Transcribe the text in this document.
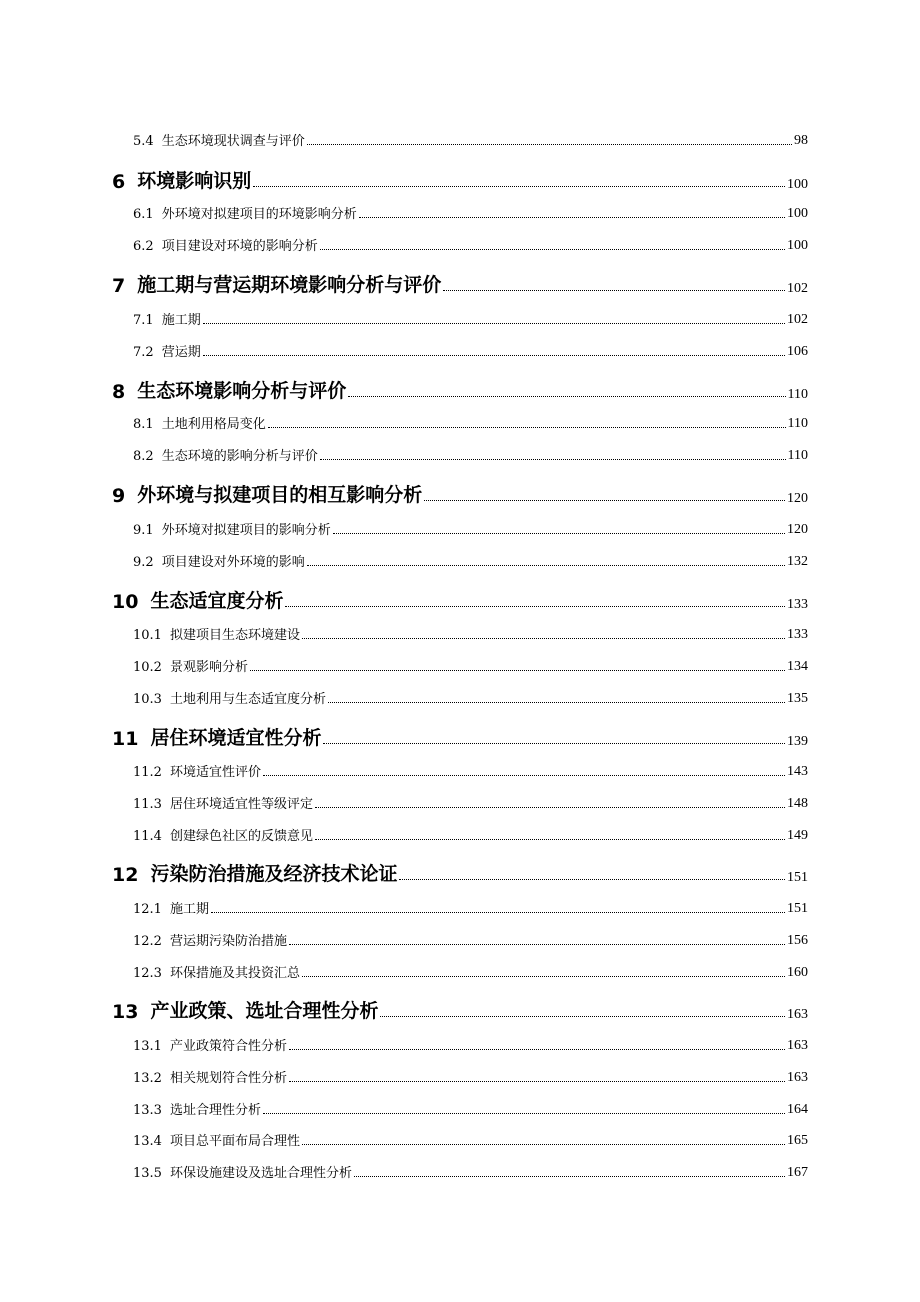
5.4 生态环境现状调查与评价	98
6 环境影响识别	100
6.1 外环境对拟建项目的环境影响分析	100
6.2 项目建设对环境的影响分析	100
7 施工期与营运期环境影响分析与评价	102
7.1 施工期	102
7.2 营运期	106
8 生态环境影响分析与评价	110
8.1 土地利用格局变化	110
8.2 生态环境的影响分析与评价	110
9 外环境与拟建项目的相互影响分析	120
9.1 外环境对拟建项目的影响分析	120
9.2 项目建设对外环境的影响	132
10 生态适宜度分析	133
10.1 拟建项目生态环境建设	133
10.2 景观影响分析	134
10.3 土地利用与生态适宜度分析	135
11 居住环境适宜性分析	139
11.2 环境适宜性评价	143
11.3 居住环境适宜性等级评定	148
11.4 创建绿色社区的反馈意见	149
12 污染防治措施及经济技术论证	151
12.1 施工期	151
12.2 营运期污染防治措施	156
12.3 环保措施及其投资汇总	160
13 产业政策、选址合理性分析	163
13.1 产业政策符合性分析	163
13.2 相关规划符合性分析	163
13.3 选址合理性分析	164
13.4 项目总平面布局合理性	165
13.5 环保设施建设及选址合理性分析	167
